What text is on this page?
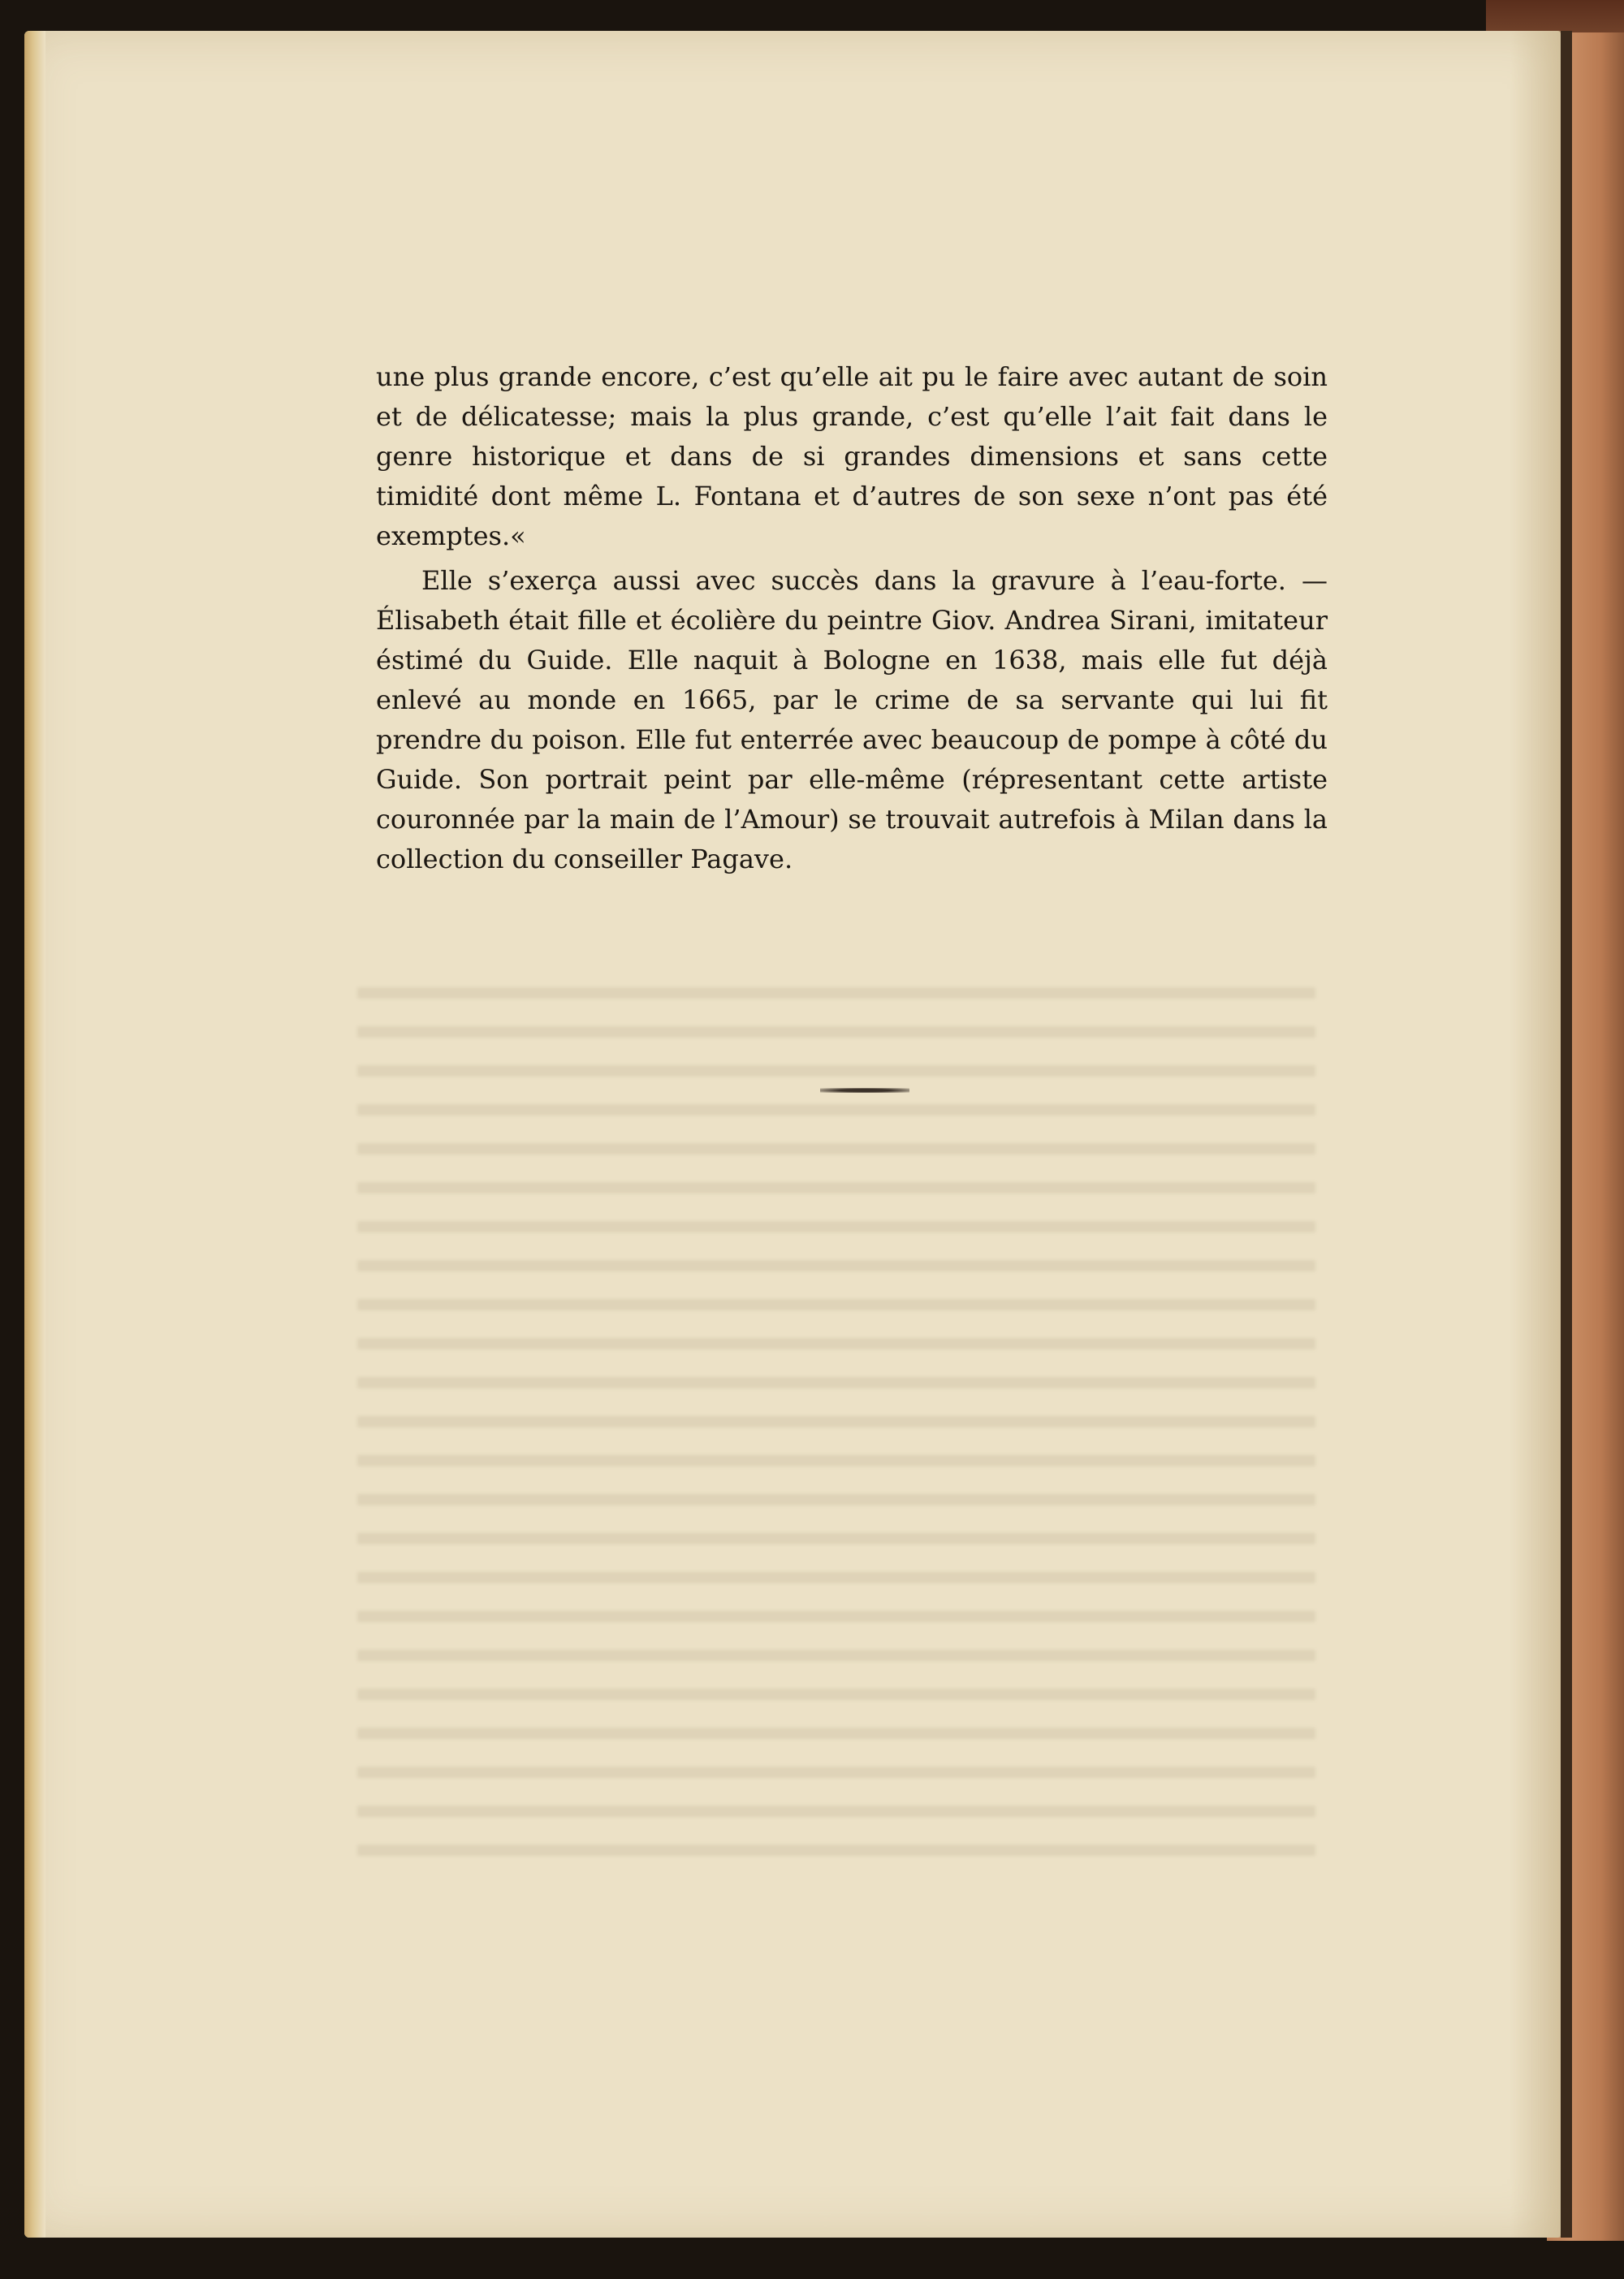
une plus grande encore, c’est qu’elle ait pu le faire avec autant de soin et de délicatesse; mais la plus grande, c’est qu’elle l’ait fait dans le genre historique et dans de si grandes dimensions et sans cette timidité dont même L. Fontana et d’autres de son sexe n’ont pas été exemptes.«

Elle s’exerça aussi avec succès dans la gravure à l’eau-forte. — Élisabeth était fille et écolière du peintre Giov. Andrea Sirani, imitateur éstimé du Guide. Elle naquit à Bologne en 1638, mais elle fut déjà enlevé au monde en 1665, par le crime de sa servante qui lui fit prendre du poison. Elle fut enterrée avec beaucoup de pompe à côté du Guide. Son portrait peint par elle-même (répresentant cette artiste couronnée par la main de l’Amour) se trouvait autrefois à Milan dans la collection du conseiller Pagave.
